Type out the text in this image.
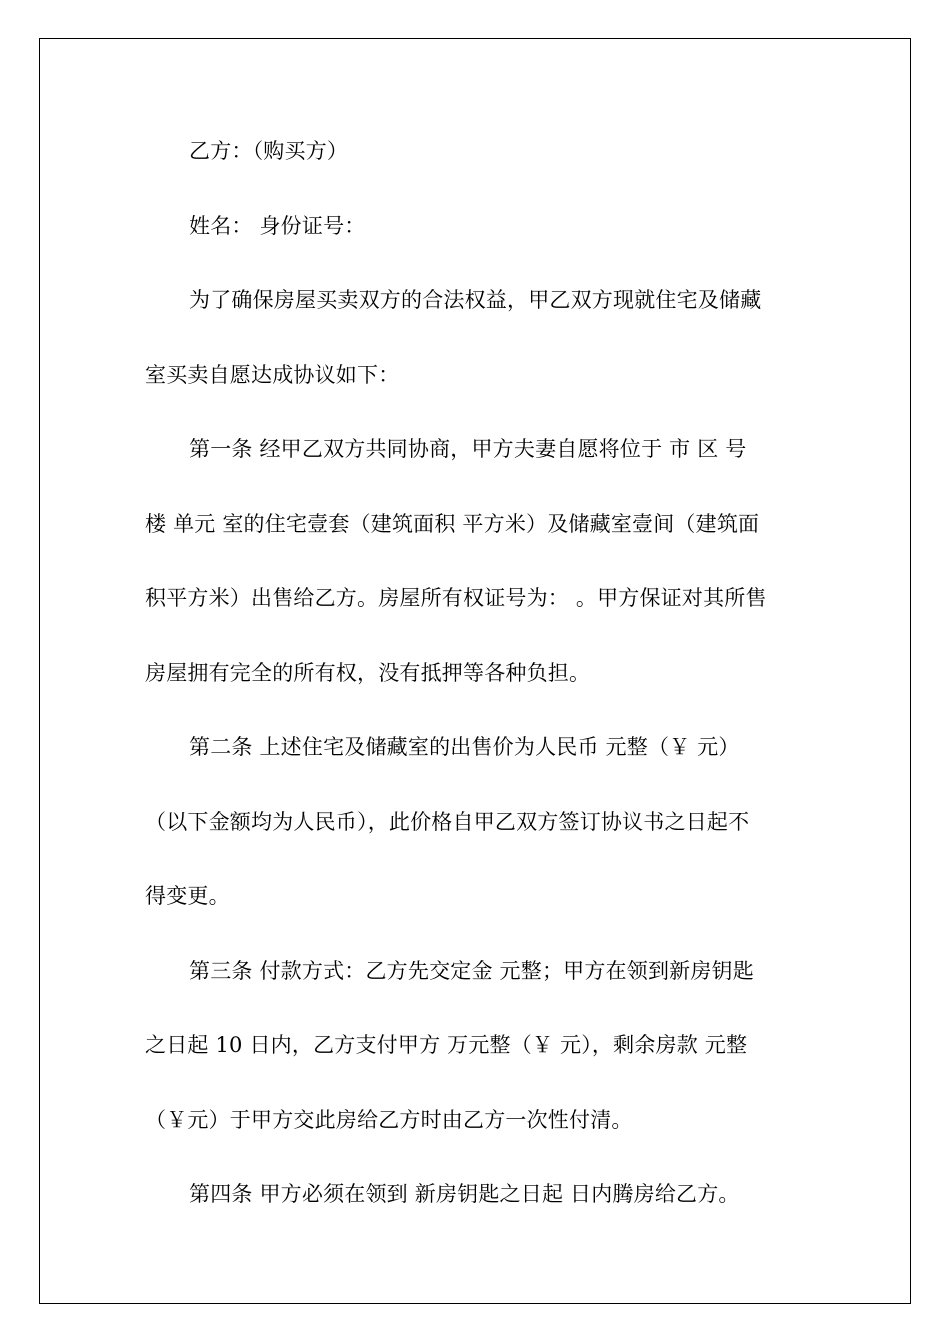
乙方：（购买方）
姓名： 身份证号：
为了确保房屋买卖双方的合法权益，甲乙双方现就住宅及储藏
室买卖自愿达成协议如下：
第一条 经甲乙双方共同协商，甲方夫妻自愿将位于 市 区 号
楼 单元 室的住宅壹套（建筑面积 平方米）及储藏室壹间（建筑面
积平方米）出售给乙方。房屋所有权证号为： 。甲方保证对其所售
房屋拥有完全的所有权，没有抵押等各种负担。
第二条 上述住宅及储藏室的出售价为人民币 元整（￥ 元）
（以下金额均为人民币），此价格自甲乙双方签订协议书之日起不
得变更。
第三条 付款方式：乙方先交定金 元整；甲方在领到新房钥匙
之日起 10 日内，乙方支付甲方 万元整（￥ 元），剩余房款 元整
（￥元）于甲方交此房给乙方时由乙方一次性付清。
第四条 甲方必须在领到 新房钥匙之日起 日内腾房给乙方。
